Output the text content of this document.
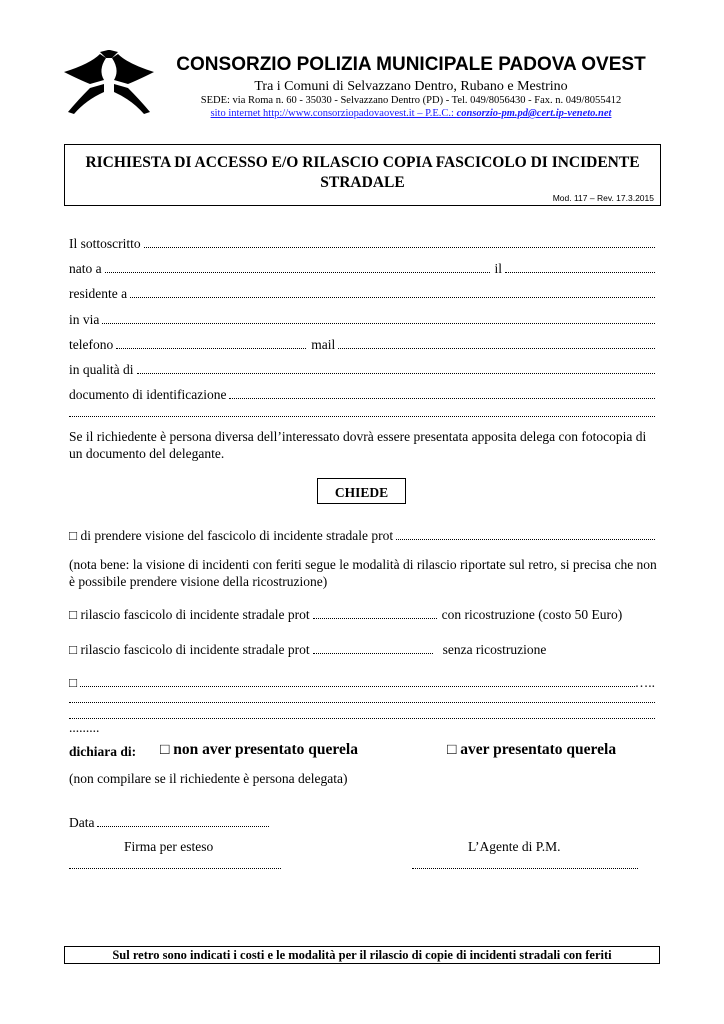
CONSORZIO POLIZIA MUNICIPALE PADOVA OVEST
Tra i Comuni di Selvazzano Dentro, Rubano e Mestrino
SEDE: via Roma n. 60 - 35030 - Selvazzano Dentro (PD) - Tel. 049/8056430 - Fax. n. 049/8055412
sito internet http://www.consorziopadovaovest.it – P.E.C.: consorzio-pm.pd@cert.ip-veneto.net
RICHIESTA DI ACCESSO E/O RILASCIO COPIA FASCICOLO DI INCIDENTE STRADALE
Mod. 117 – Rev. 17.3.2015
Il sottoscritto
nato a	il
residente a
in via
telefono	mail
in qualità di
documento di identificazione
Se il richiedente è persona diversa dell’interessato dovrà essere presentata apposita delega con fotocopia di un documento del delegante.
CHIEDE
□ di prendere visione del fascicolo di incidente stradale prot
(nota bene: la visione di incidenti con feriti segue le modalità di rilascio riportate sul retro, si precisa che non è possibile prendere visione della ricostruzione)
□ rilascio fascicolo di incidente stradale prot	con ricostruzione (costo 50 Euro)
□ rilascio fascicolo di incidente stradale prot	senza ricostruzione
□	…..
.........
dichiara di: □ non aver presentato querela	□ aver presentato querela
(non compilare se il richiedente è persona delegata)
Data
Firma per esteso	L’Agente di P.M.
Sul retro sono indicati i costi e le modalità per il rilascio di copie di incidenti stradali con feriti
